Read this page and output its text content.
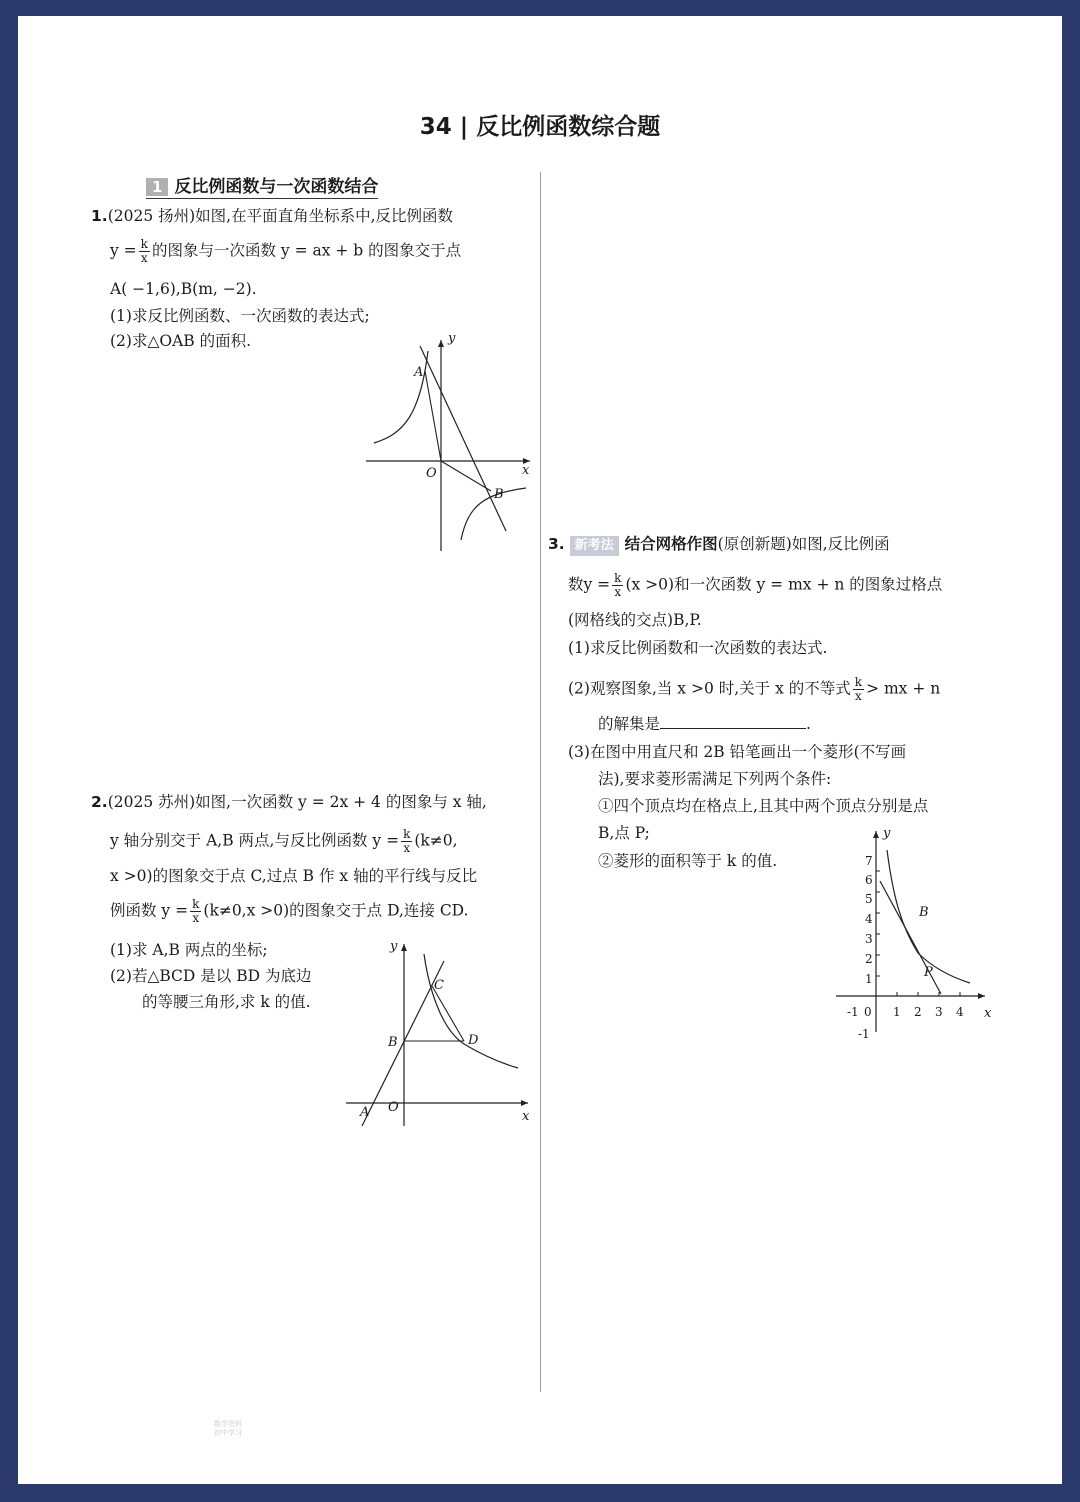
34 | 反比例函数综合题
1 反比例函数与一次函数结合
1.(2025 扬州)如图,在平面直角坐标系中,反比例函数
$y = \frac{k}{x}$ 的图象与一次函数 y = ax + b 的图象交于点
A( −1,6),B(m, −2).
(1)求反比例函数、一次函数的表达式;
(2)求△OAB 的面积.
A
B
O	x
y
2.(2025 苏州)如图,一次函数 y = 2x + 4 的图象与 x 轴,
y 轴分别交于 A,B 两点,与反比例函数 $y = \frac{k}{x} (k\ne 0$,
x >0)的图象交于点 C,过点 B 作 x 轴的平行线与反比
例函数 $y = \frac{k}{x} (k\ne 0,x >0)$的图象交于点 D,连接 CD.
(1)求 A,B 两点的坐标;
(2)若△BCD 是以 BD 为底边
的等腰三角形,求 k 的值.
A O
B
C
D
x
y
3. 新考法 结合网格作图(原创新题)如图,反比例函
数$y = \frac{k}{x} (x >0)$和一次函数 y = mx + n 的图象过格点
(网格线的交点)B,P.
(1)求反比例函数和一次函数的表达式.
(2)观察图象,当 x >0 时,关于 x 的不等式 $\frac{k}{x}$ > mx + n
的解集是	.
(3)在图中用直尺和 2B 铅笔画出一个菱形(不写画
法),要求菱形需满足下列两个条件:
①四个顶点均在格点上,且其中两个顶点分别是点
B,点 P;
②菱形的面积等于 k 的值.
B
P
x
y
7
6
5
4
3
2
1
-1
-1 0 1 2 3 4
数学资料
初中学习
